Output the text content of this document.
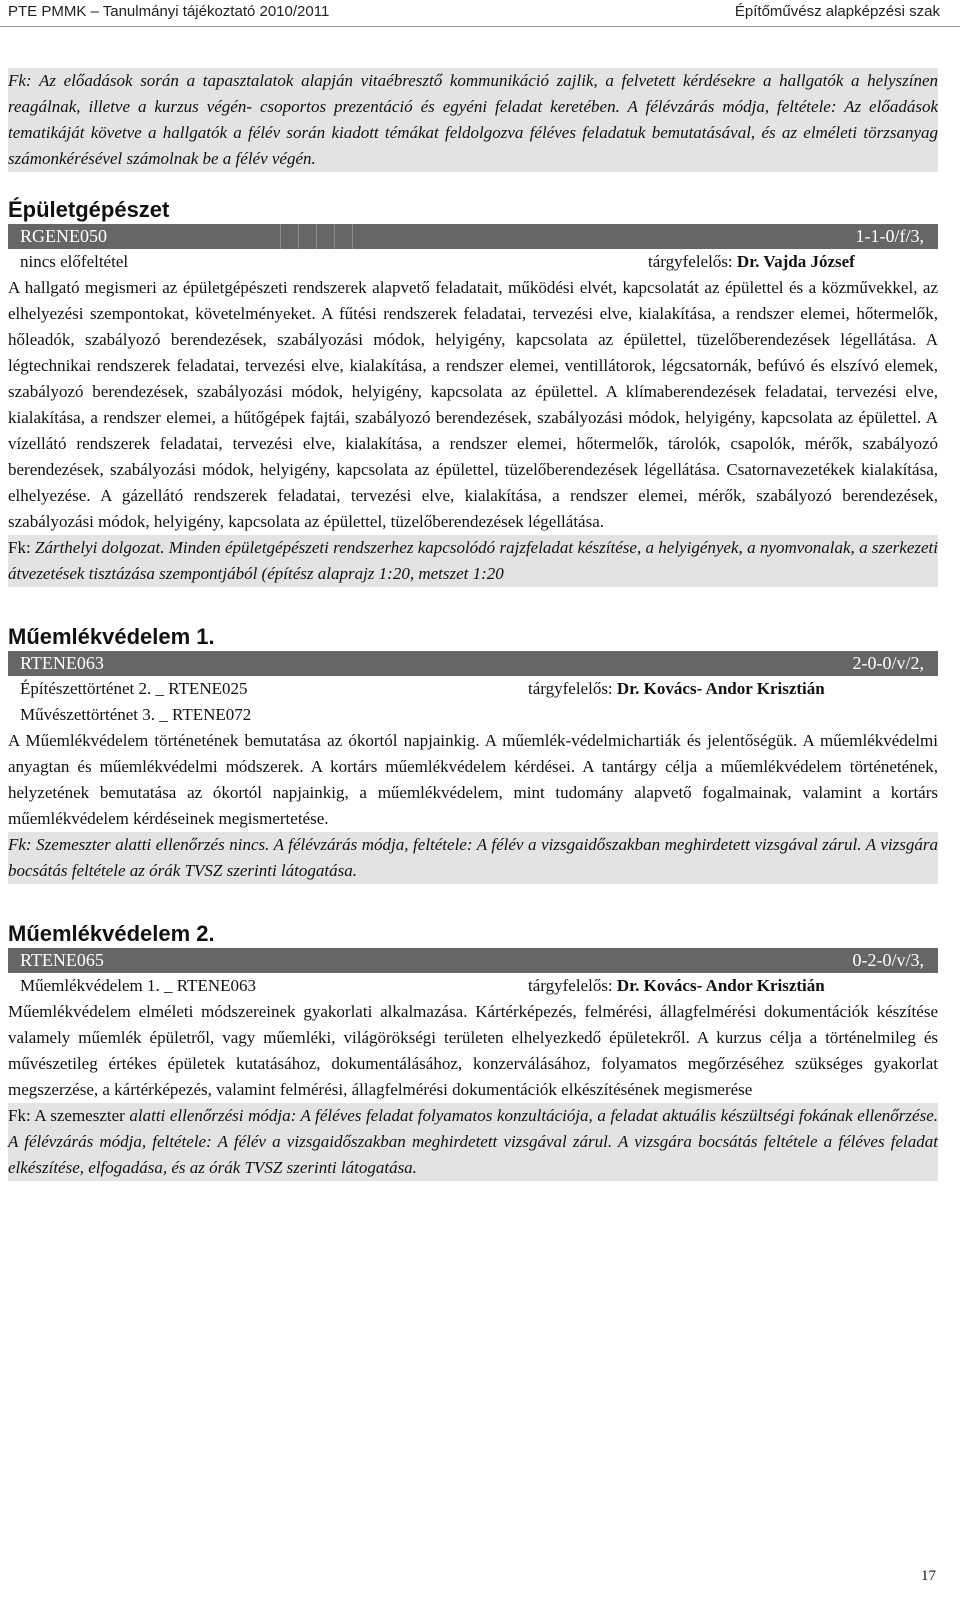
PTE PMMK – Tanulmányi tájékoztató 2010/2011	Építőművész alapképzési szak

Fk: Az előadások során a tapasztalatok alapján vitaébresztő kommunikáció zajlik, a felvetett kérdésekre a hallgatók a helyszínen reagálnak, illetve a kurzus végén- csoportos prezentáció és egyéni feladat keretében. A félévzárás módja, feltétele: Az előadások tematikáját követve a hallgatók a félév során kiadott témákat feldolgozva féléves feladatuk bemutatásával, és az elméleti törzsanyag számonkérésével számolnak be a félév végén.

Épületgépészet
RGENE050	1-1-0/f/3,
nincs előfeltétel	tárgyfelelős: Dr. Vajda József

A hallgató megismeri az épületgépészeti rendszerek alapvető feladatait, működési elvét, kapcsolatát az épülettel és a közművekkel, az elhelyezési szempontokat, követelményeket. A fűtési rendszerek feladatai, tervezési elve, kialakítása, a rendszer elemei, hőtermelők, hőleadók, szabályozó berendezések, szabályozási módok, helyigény, kapcsolata az épülettel, tüzelőberendezések légellátása. A légtechnikai rendszerek feladatai, tervezési elve, kialakítása, a rendszer elemei, ventillátorok, légcsatornák, befúvó és elszívó elemek, szabályozó berendezések, szabályozási módok, helyigény, kapcsolata az épülettel. A klímaberendezések feladatai, tervezési elve, kialakítása, a rendszer elemei, a hűtőgépek fajtái, szabályozó berendezések, szabályozási módok, helyigény, kapcsolata az épülettel. A vízellátó rendszerek feladatai, tervezési elve, kialakítása, a rendszer elemei, hőtermelők, tárolók, csapolók, mérők, szabályozó berendezések, szabályozási módok, helyigény, kapcsolata az épülettel, tüzelőberendezések légellátása. Csatornavezetékek kialakítása, elhelyezése. A gázellátó rendszerek feladatai, tervezési elve, kialakítása, a rendszer elemei, mérők, szabályozó berendezések, szabályozási módok, helyigény, kapcsolata az épülettel, tüzelőberendezések légellátása.

Fk: Zárthelyi dolgozat. Minden épületgépészeti rendszerhez kapcsolódó rajzfeladat készítése, a helyigények, a nyomvonalak, a szerkezeti átvezetések tisztázása szempontjából (építész alaprajz 1:20, metszet 1:20

Műemlékvédelem 1.
RTENE063	2-0-0/v/2,
Építészettörténet 2. _ RTENE025	tárgyfelelős: Dr. Kovács- Andor Krisztián
Művészettörténet 3. _ RTENE072

A Műemlékvédelem történetének bemutatása az ókortól napjainkig. A műemlék-védelmichartiák és jelentőségük. A műemlékvédelmi anyagtan és műemlékvédelmi módszerek. A kortárs műemlékvédelem kérdései. A tantárgy célja a műemlékvédelem történetének, helyzetének bemutatása az ókortól napjainkig, a műemlékvédelem, mint tudomány alapvető fogalmainak, valamint a kortárs műemlékvédelem kérdéseinek megismertetése.

Fk: Szemeszter alatti ellenőrzés nincs. A félévzárás módja, feltétele: A félév a vizsgaidőszakban meghirdetett vizsgával zárul. A vizsgára bocsátás feltétele az órák TVSZ szerinti látogatása.

Műemlékvédelem 2.
RTENE065	0-2-0/v/3,
Műemlékvédelem 1. _ RTENE063	tárgyfelelős: Dr. Kovács- Andor Krisztián

Műemlékvédelem elméleti módszereinek gyakorlati alkalmazása. Kártérképezés, felmérési, állagfelmérési dokumentációk készítése valamely műemlék épületről, vagy műemléki, világörökségi területen elhelyezkedő épületekről. A kurzus célja a történelmileg és művészetileg értékes épületek kutatásához, dokumentálásához, konzerválásához, folyamatos megőrzéséhez szükséges gyakorlat megszerzése, a kártérképezés, valamint felmérési, állagfelmérési dokumentációk elkészítésének megismerése

Fk: A szemeszter alatti ellenőrzési módja: A féléves feladat folyamatos konzultációja, a feladat aktuális készültségi fokának ellenőrzése. A félévzárás módja, feltétele: A félév a vizsgaidőszakban meghirdetett vizsgával zárul. A vizsgára bocsátás feltétele a féléves feladat elkészítése, elfogadása, és az órák TVSZ szerinti látogatása.

17
